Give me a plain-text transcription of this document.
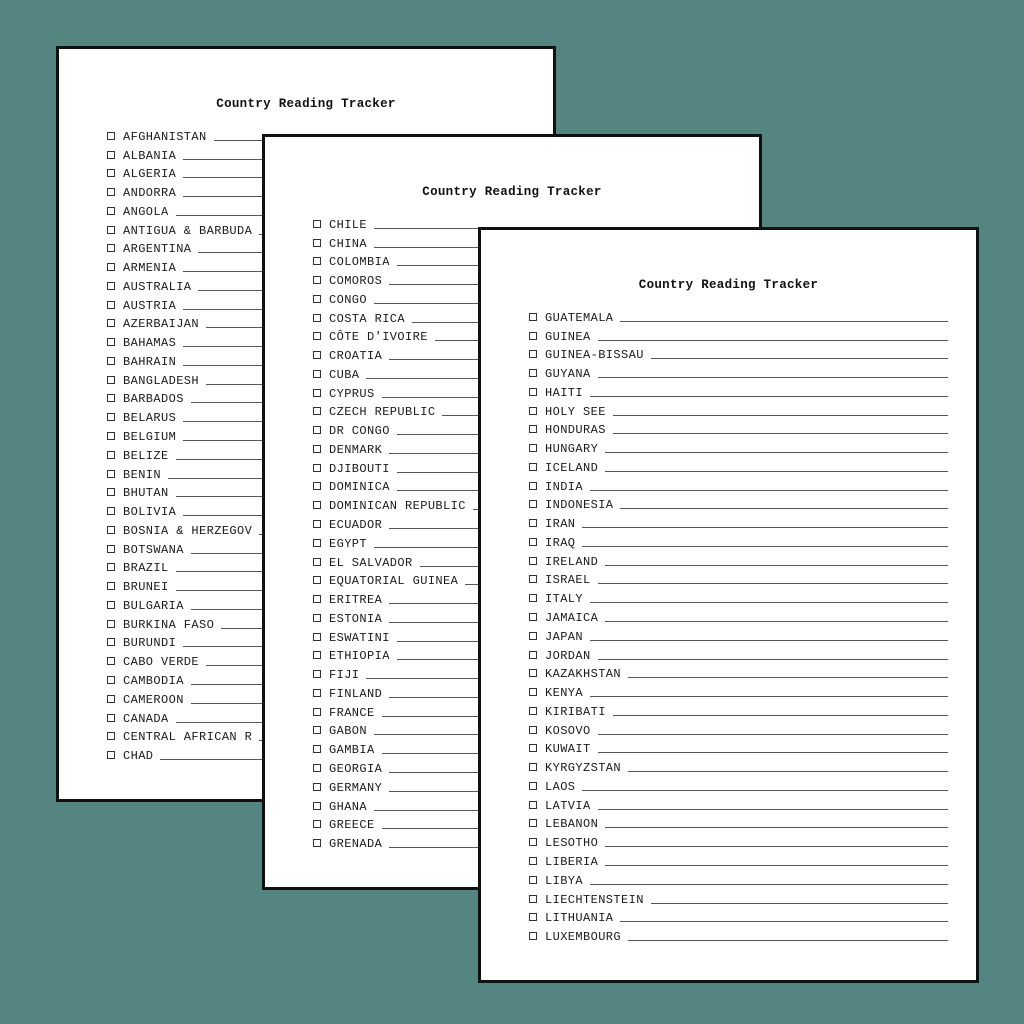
Country Reading Tracker
AFGHANISTAN
ALBANIA
ALGERIA
ANDORRA
ANGOLA
ANTIGUA & BARBUDA
ARGENTINA
ARMENIA
AUSTRALIA
AUSTRIA
AZERBAIJAN
BAHAMAS
BAHRAIN
BANGLADESH
BARBADOS
BELARUS
BELGIUM
BELIZE
BENIN
BHUTAN
BOLIVIA
BOSNIA & HERZEGOV
BOTSWANA
BRAZIL
BRUNEI
BULGARIA
BURKINA FASO
BURUNDI
CABO VERDE
CAMBODIA
CAMEROON
CANADA
CENTRAL AFRICAN R
CHAD
Country Reading Tracker
CHILE
CHINA
COLOMBIA
COMOROS
CONGO
COSTA RICA
CÔTE D'IVOIRE
CROATIA
CUBA
CYPRUS
CZECH REPUBLIC
DR CONGO
DENMARK
DJIBOUTI
DOMINICA
DOMINICAN REPUBLIC
ECUADOR
EGYPT
EL SALVADOR
EQUATORIAL GUINEA
ERITREA
ESTONIA
ESWATINI
ETHIOPIA
FIJI
FINLAND
FRANCE
GABON
GAMBIA
GEORGIA
GERMANY
GHANA
GREECE
GRENADA
Country Reading Tracker
GUATEMALA
GUINEA
GUINEA-BISSAU
GUYANA
HAITI
HOLY SEE
HONDURAS
HUNGARY
ICELAND
INDIA
INDONESIA
IRAN
IRAQ
IRELAND
ISRAEL
ITALY
JAMAICA
JAPAN
JORDAN
KAZAKHSTAN
KENYA
KIRIBATI
KOSOVO
KUWAIT
KYRGYZSTAN
LAOS
LATVIA
LEBANON
LESOTHO
LIBERIA
LIBYA
LIECHTENSTEIN
LITHUANIA
LUXEMBOURG
